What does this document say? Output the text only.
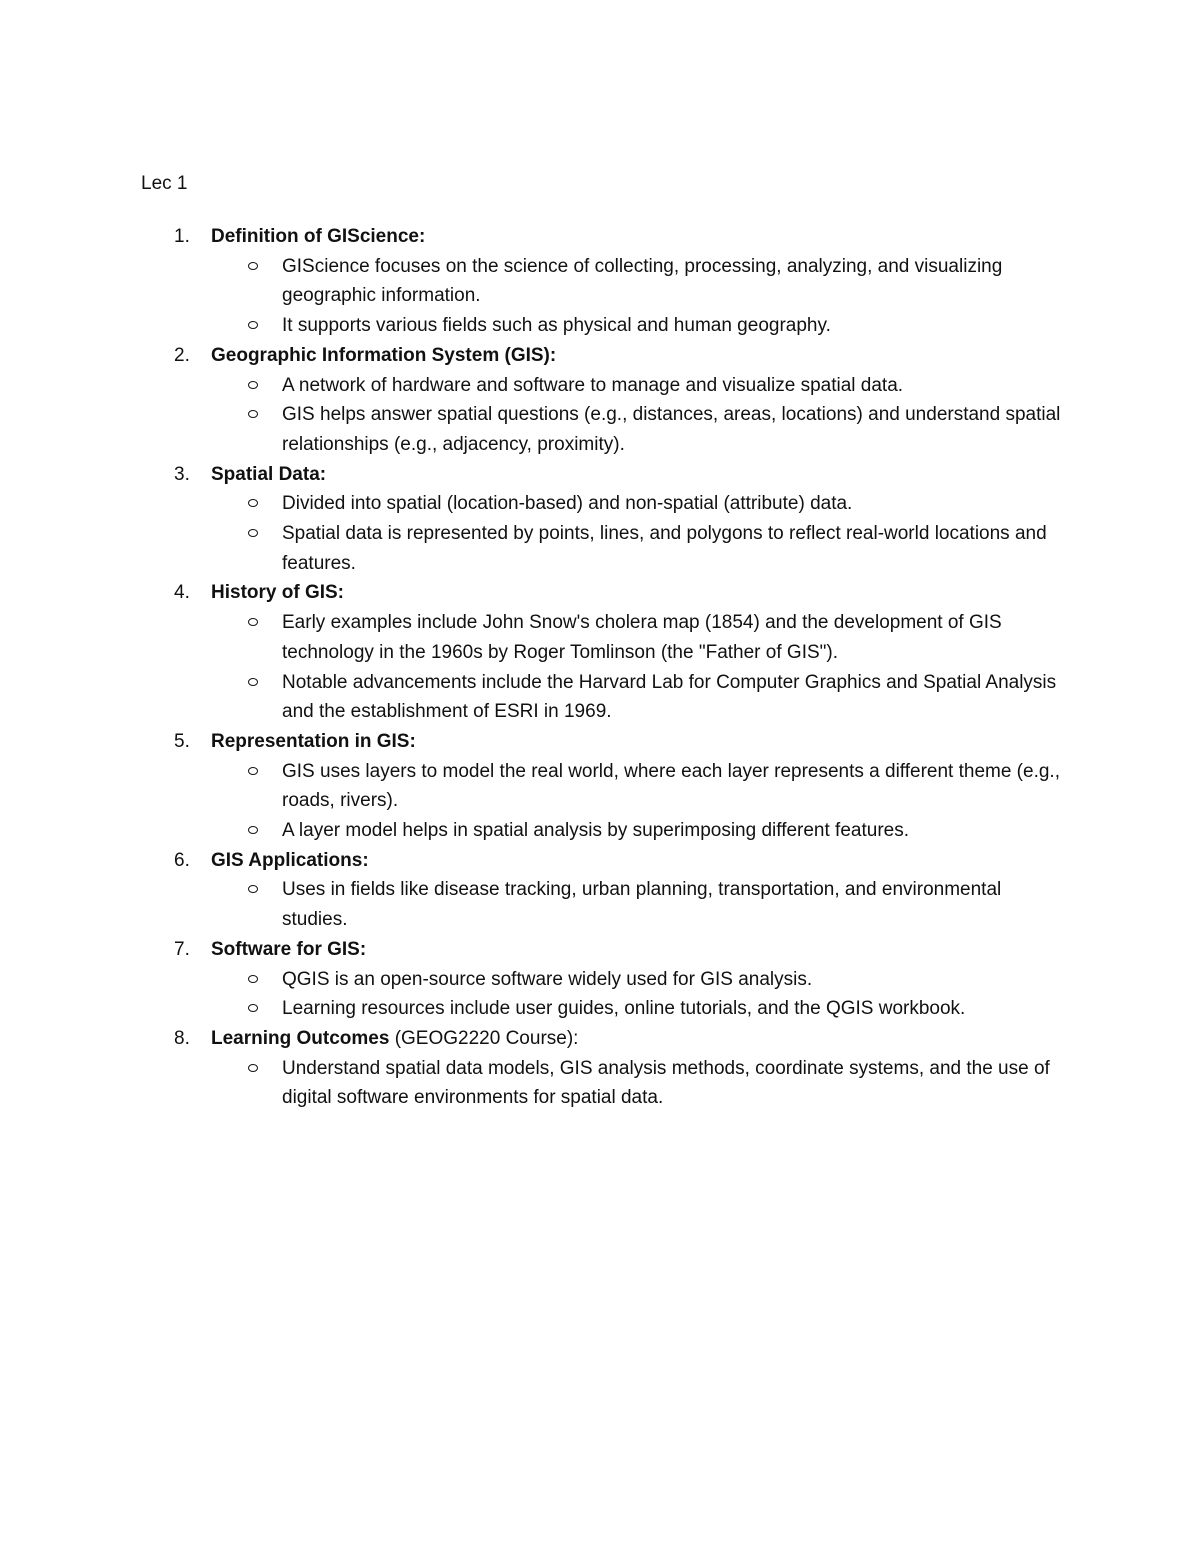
Lec 1
1.	Definition of GIScience:
GIScience focuses on the science of collecting, processing, analyzing, and visualizing geographic information.
It supports various fields such as physical and human geography.
2.	Geographic Information System (GIS):
A network of hardware and software to manage and visualize spatial data.
GIS helps answer spatial questions (e.g., distances, areas, locations) and understand spatial relationships (e.g., adjacency, proximity).
3.	Spatial Data:
Divided into spatial (location-based) and non-spatial (attribute) data.
Spatial data is represented by points, lines, and polygons to reflect real-world locations and features.
4.	History of GIS:
Early examples include John Snow's cholera map (1854) and the development of GIS technology in the 1960s by Roger Tomlinson (the "Father of GIS").
Notable advancements include the Harvard Lab for Computer Graphics and Spatial Analysis and the establishment of ESRI in 1969.
5.	Representation in GIS:
GIS uses layers to model the real world, where each layer represents a different theme (e.g., roads, rivers).
A layer model helps in spatial analysis by superimposing different features.
6.	GIS Applications:
Uses in fields like disease tracking, urban planning, transportation, and environmental studies.
7.	Software for GIS:
QGIS is an open-source software widely used for GIS analysis.
Learning resources include user guides, online tutorials, and the QGIS workbook.
8.	Learning Outcomes (GEOG2220 Course):
Understand spatial data models, GIS analysis methods, coordinate systems, and the use of digital software environments for spatial data.
